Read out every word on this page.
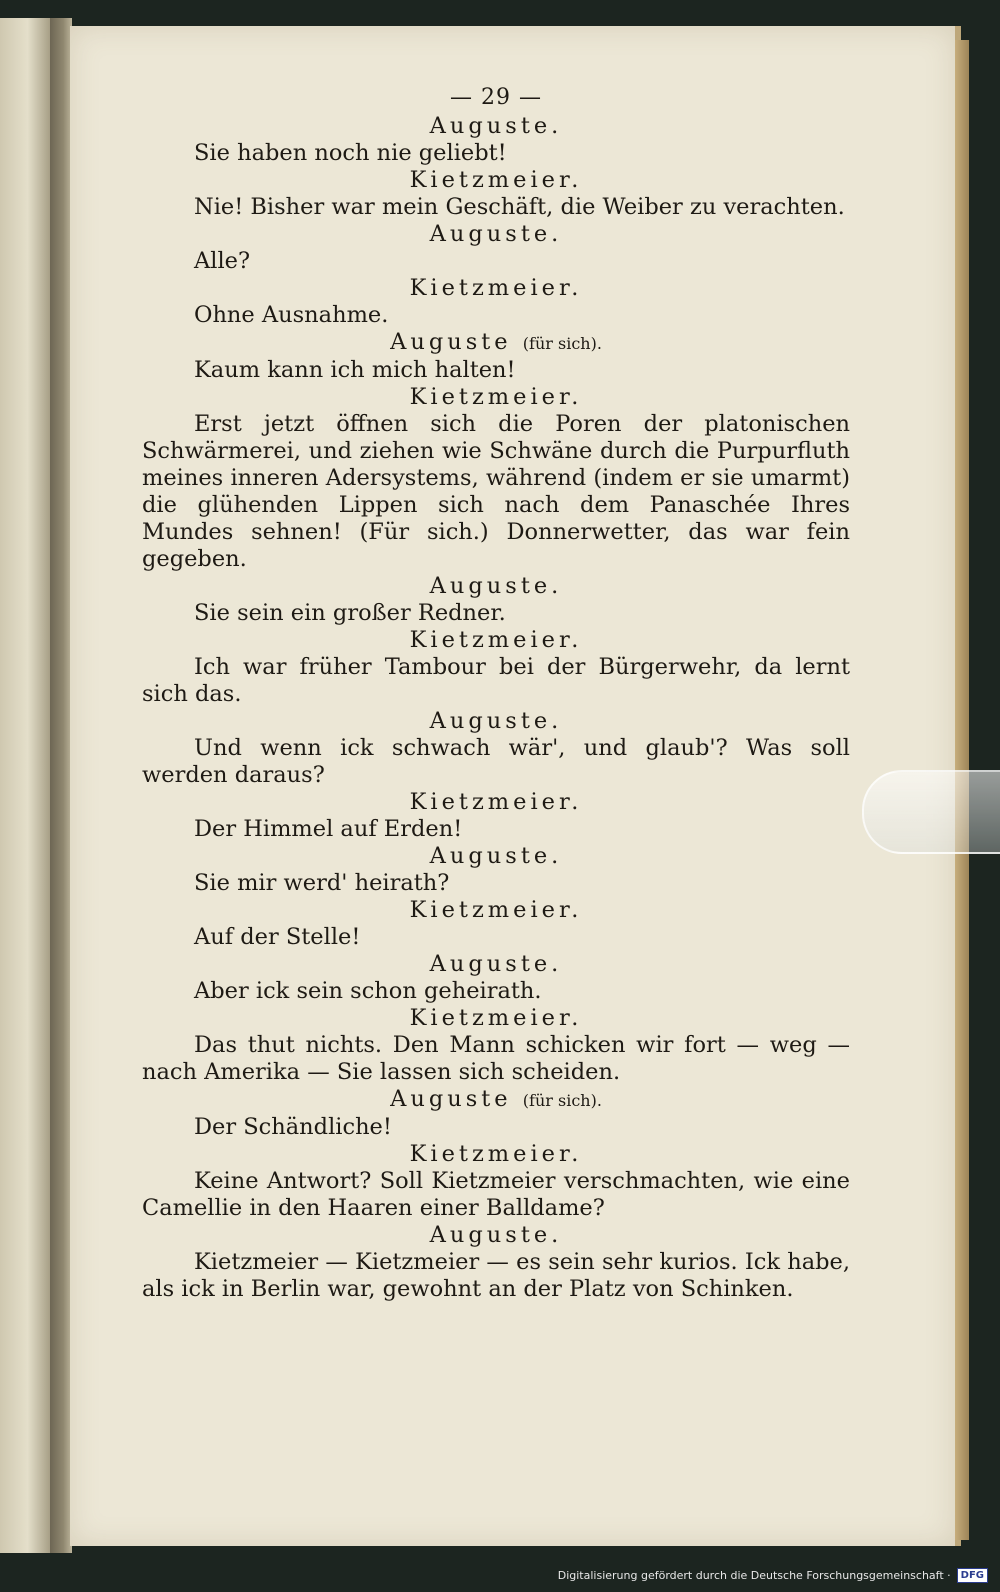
— 29 —
Auguste.
Sie haben noch nie geliebt!
Kietzmeier.
Nie! Bisher war mein Geschäft, die Weiber zu verachten.
Auguste.
Alle?
Kietzmeier.
Ohne Ausnahme.
Auguste (für sich).
Kaum kann ich mich halten!
Kietzmeier.
Erst jetzt öffnen sich die Poren der platonischen Schwärmerei, und ziehen wie Schwäne durch die Purpurfluth meines inneren Adersystems, während (indem er sie umarmt) die glühenden Lippen sich nach dem Panaschée Ihres Mundes sehnen! (Für sich.) Donnerwetter, das war fein gegeben.
Auguste.
Sie sein ein großer Redner.
Kietzmeier.
Ich war früher Tambour bei der Bürgerwehr, da lernt sich das.
Auguste.
Und wenn ick schwach wär', und glaub'? Was soll werden daraus?
Kietzmeier.
Der Himmel auf Erden!
Auguste.
Sie mir werd' heirath?
Kietzmeier.
Auf der Stelle!
Auguste.
Aber ick sein schon geheirath.
Kietzmeier.
Das thut nichts. Den Mann schicken wir fort — weg — nach Amerika — Sie lassen sich scheiden.
Auguste (für sich).
Der Schändliche!
Kietzmeier.
Keine Antwort? Soll Kietzmeier verschmachten, wie eine Camellie in den Haaren einer Balldame?
Auguste.
Kietzmeier — Kietzmeier — es sein sehr kurios. Ick habe, als ick in Berlin war, gewohnt an der Platz von Schinken.
Digitalisierung gefördert durch die Deutsche Forschungsgemeinschaft ·	DFG
